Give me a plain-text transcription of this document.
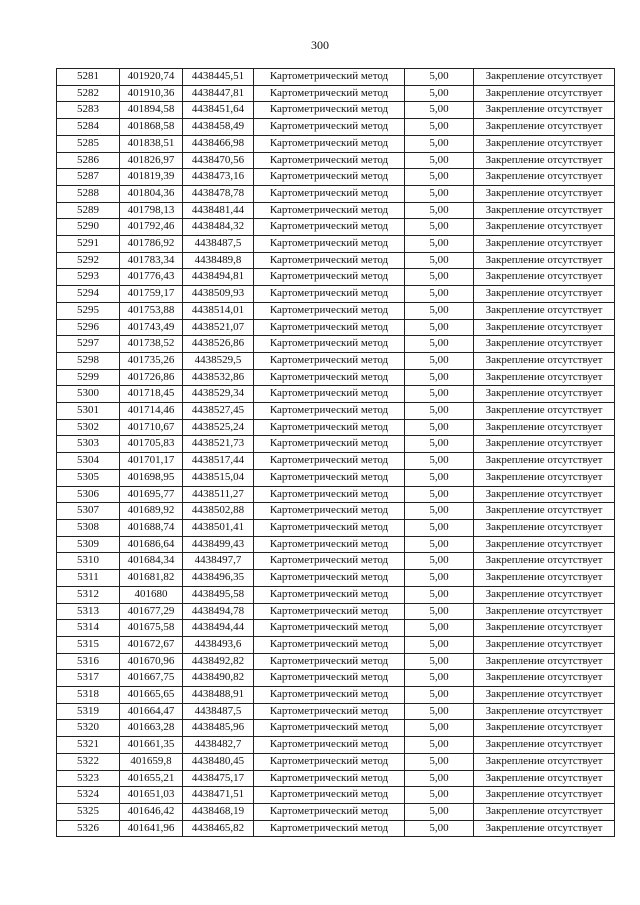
300
5281	401920,74	4438445,51	Картометрический метод	5,00	Закрепление отсутствует
5282	401910,36	4438447,81	Картометрический метод	5,00	Закрепление отсутствует
5283	401894,58	4438451,64	Картометрический метод	5,00	Закрепление отсутствует
5284	401868,58	4438458,49	Картометрический метод	5,00	Закрепление отсутствует
5285	401838,51	4438466,98	Картометрический метод	5,00	Закрепление отсутствует
5286	401826,97	4438470,56	Картометрический метод	5,00	Закрепление отсутствует
5287	401819,39	4438473,16	Картометрический метод	5,00	Закрепление отсутствует
5288	401804,36	4438478,78	Картометрический метод	5,00	Закрепление отсутствует
5289	401798,13	4438481,44	Картометрический метод	5,00	Закрепление отсутствует
5290	401792,46	4438484,32	Картометрический метод	5,00	Закрепление отсутствует
5291	401786,92	4438487,5	Картометрический метод	5,00	Закрепление отсутствует
5292	401783,34	4438489,8	Картометрический метод	5,00	Закрепление отсутствует
5293	401776,43	4438494,81	Картометрический метод	5,00	Закрепление отсутствует
5294	401759,17	4438509,93	Картометрический метод	5,00	Закрепление отсутствует
5295	401753,88	4438514,01	Картометрический метод	5,00	Закрепление отсутствует
5296	401743,49	4438521,07	Картометрический метод	5,00	Закрепление отсутствует
5297	401738,52	4438526,86	Картометрический метод	5,00	Закрепление отсутствует
5298	401735,26	4438529,5	Картометрический метод	5,00	Закрепление отсутствует
5299	401726,86	4438532,86	Картометрический метод	5,00	Закрепление отсутствует
5300	401718,45	4438529,34	Картометрический метод	5,00	Закрепление отсутствует
5301	401714,46	4438527,45	Картометрический метод	5,00	Закрепление отсутствует
5302	401710,67	4438525,24	Картометрический метод	5,00	Закрепление отсутствует
5303	401705,83	4438521,73	Картометрический метод	5,00	Закрепление отсутствует
5304	401701,17	4438517,44	Картометрический метод	5,00	Закрепление отсутствует
5305	401698,95	4438515,04	Картометрический метод	5,00	Закрепление отсутствует
5306	401695,77	4438511,27	Картометрический метод	5,00	Закрепление отсутствует
5307	401689,92	4438502,88	Картометрический метод	5,00	Закрепление отсутствует
5308	401688,74	4438501,41	Картометрический метод	5,00	Закрепление отсутствует
5309	401686,64	4438499,43	Картометрический метод	5,00	Закрепление отсутствует
5310	401684,34	4438497,7	Картометрический метод	5,00	Закрепление отсутствует
5311	401681,82	4438496,35	Картометрический метод	5,00	Закрепление отсутствует
5312	401680	4438495,58	Картометрический метод	5,00	Закрепление отсутствует
5313	401677,29	4438494,78	Картометрический метод	5,00	Закрепление отсутствует
5314	401675,58	4438494,44	Картометрический метод	5,00	Закрепление отсутствует
5315	401672,67	4438493,6	Картометрический метод	5,00	Закрепление отсутствует
5316	401670,96	4438492,82	Картометрический метод	5,00	Закрепление отсутствует
5317	401667,75	4438490,82	Картометрический метод	5,00	Закрепление отсутствует
5318	401665,65	4438488,91	Картометрический метод	5,00	Закрепление отсутствует
5319	401664,47	4438487,5	Картометрический метод	5,00	Закрепление отсутствует
5320	401663,28	4438485,96	Картометрический метод	5,00	Закрепление отсутствует
5321	401661,35	4438482,7	Картометрический метод	5,00	Закрепление отсутствует
5322	401659,8	4438480,45	Картометрический метод	5,00	Закрепление отсутствует
5323	401655,21	4438475,17	Картометрический метод	5,00	Закрепление отсутствует
5324	401651,03	4438471,51	Картометрический метод	5,00	Закрепление отсутствует
5325	401646,42	4438468,19	Картометрический метод	5,00	Закрепление отсутствует
5326	401641,96	4438465,82	Картометрический метод	5,00	Закрепление отсутствует
